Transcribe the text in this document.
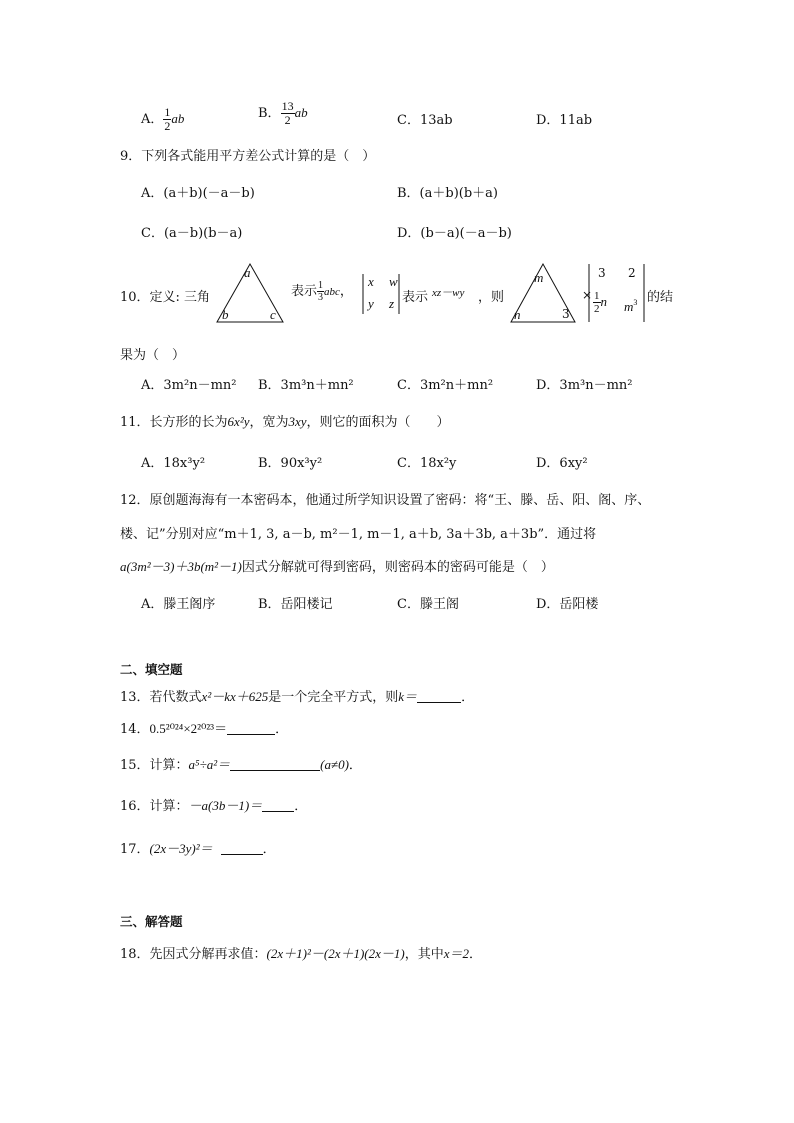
A． $\frac{1}{2}$ ab	B． $\frac{13}{2}$ ab
C．13ab	D．11ab
9．下列各式能用平方差公式计算的是（　）
A．(a＋b)(－a－b)	B．(a＋b)(b＋a)
C．(a－b)(b－a)	D．(b－a)(－a－b)
10．定义: 三角
a
b	c
表示 $\frac{1}{3}$ abc，
x w
y z 表示 xz－wy ，则
m
n	3
×
3 2
$\frac{1}{2}$ n $m^3$ 的结
果为（　）
A．3m²n－mn² B．3m³n＋mn²	C．3m²n＋mn²	D．3m³n－mn²
11．长方形的长为6x²y，宽为3xy，则它的面积为（　　）
A．18x³y²	B．90x³y²	C．18x²y	D．6xy²
12．原创题海海有一本密码本，他通过所学知识设置了密码：将“王、滕、岳、阳、阁、序、
楼、记”分别对应“m＋1, 3, a－b, m²－1, m－1, a＋b, 3a＋3b, a＋3b”．通过将
a(3m²－3)＋3b(m²－1)因式分解就可得到密码，则密码本的密码可能是（　）
A．滕王阁序	B．岳阳楼记	C．滕王阁	D．岳阳楼
二、填空题
13．若代数式x²－kx＋625是一个完全平方式，则k＝	．
14．0.5²⁰²⁴×2²⁰²³＝	．
15．计算：a⁵÷a²＝	(a≠0)．
16．计算：－a(3b－1)＝ ．
17．(2x－3y)²＝	．
三、解答题
18．先因式分解再求值：(2x＋1)²－(2x＋1)(2x－1)，其中x＝2．
